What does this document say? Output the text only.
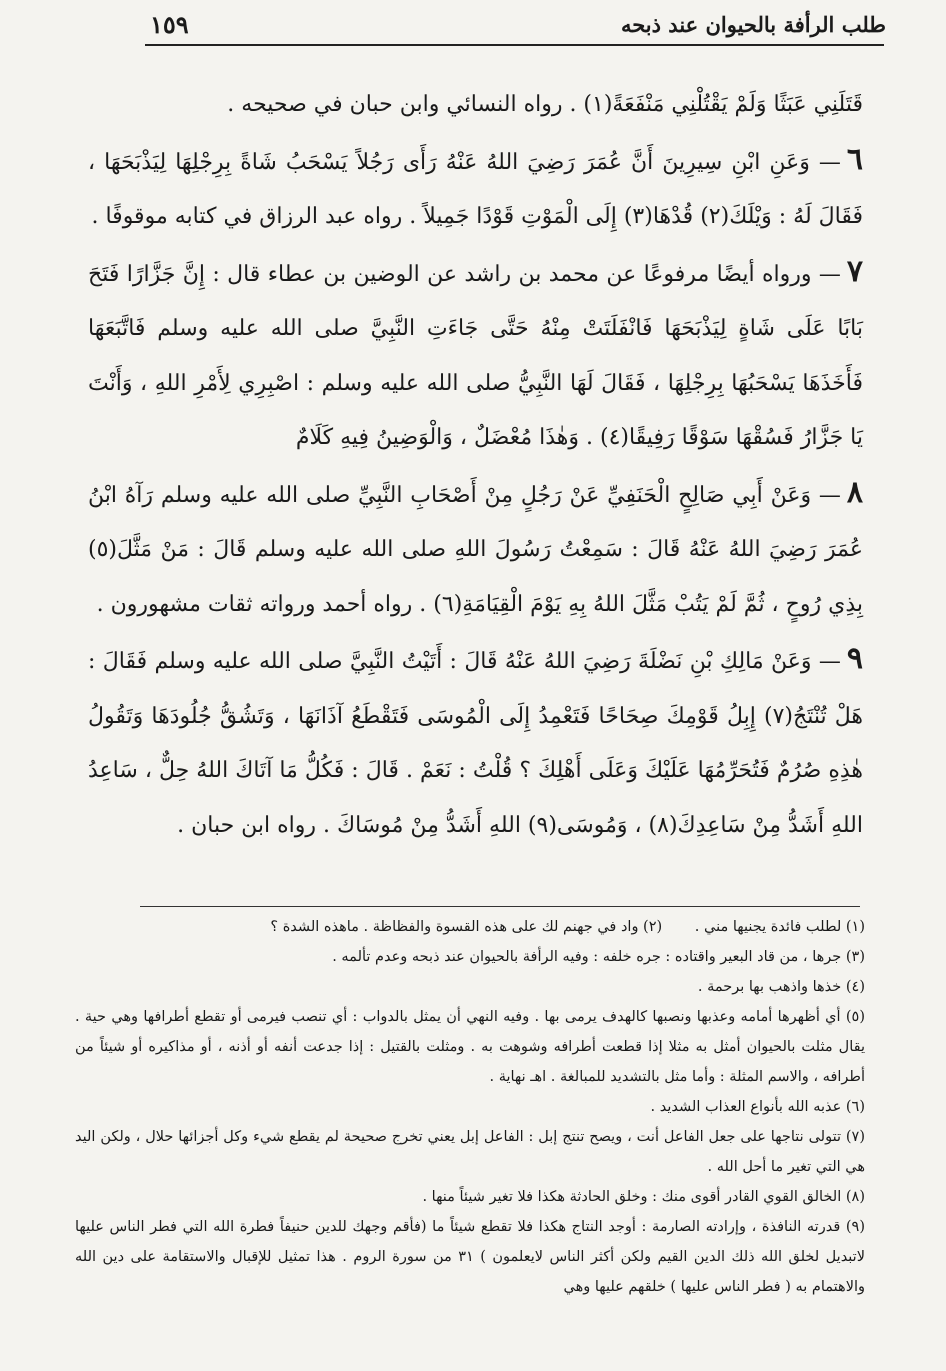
طلب الرأفة بالحيوان عند ذبحه
١٥٩

قَتَلَنِي عَبَثًا وَلَمْ يَقْتُلْنِي مَنْفَعَةً(١) . رواه النسائي وابن حبان في صحيحه .

٦— وَعَنِ ابْنِ سِيرِينَ أَنَّ عُمَرَ رَضِيَ اللهُ عَنْهُ رَأَى رَجُلاً يَسْحَبُ شَاةً بِرِجْلِهَا لِيَذْبَحَهَا ، فَقَالَ لَهُ : وَيْلَكَ(٢) قُدْهَا(٣) إِلَى الْمَوْتِ قَوْدًا جَمِيلاً . رواه عبد الرزاق في كتابه موقوفًا .

٧— ورواه أيضًا مرفوعًا عن محمد بن راشد عن الوضين بن عطاء قال : إِنَّ جَزَّارًا فَتَحَ بَابًا عَلَى شَاةٍ لِيَذْبَحَهَا فَانْفَلَتَتْ مِنْهُ حَتَّى جَاءَتِ النَّبِيَّ صلى الله عليه وسلم فَاتَّبَعَهَا فَأَخَذَهَا يَسْحَبُهَا بِرِجْلِهَا ، فَقَالَ لَهَا النَّبِيُّ صلى الله عليه وسلم : اصْبِرِي لِأَمْرِ اللهِ ، وَأَنْتَ يَا جَزَّارُ فَسُقْهَا سَوْقًا رَفِيقًا(٤) . وَهٰذَا مُعْضَلٌ ، وَالْوَضِينُ فِيهِ كَلَامٌ

٨— وَعَنْ أَبِي صَالِحٍ الْحَنَفِيِّ عَنْ رَجُلٍ مِنْ أَصْحَابِ النَّبِيِّ صلى الله عليه وسلم رَآهُ ابْنُ عُمَرَ رَضِيَ اللهُ عَنْهُ قَالَ : سَمِعْتُ رَسُولَ اللهِ صلى الله عليه وسلم قَالَ : مَنْ مَثَّلَ(٥) بِذِي رُوحٍ ، ثُمَّ لَمْ يَتُبْ مَثَّلَ اللهُ بِهِ يَوْمَ الْقِيَامَةِ(٦) . رواه أحمد ورواته ثقات مشهورون .

٩— وَعَنْ مَالِكِ بْنِ نَضْلَةَ رَضِيَ اللهُ عَنْهُ قَالَ : أَتَيْتُ النَّبِيَّ صلى الله عليه وسلم فَقَالَ : هَلْ تُنْتَجُ(٧) إِبِلُ قَوْمِكَ صِحَاحًا فَتَعْمِدُ إِلَى الْمُوسَى فَتَقْطَعُ آذَانَهَا ، وَتَشُقُّ جُلُودَهَا وَتَقُولُ هٰذِهِ صُرُمٌ فَتُحَرِّمُهَا عَلَيْكَ وَعَلَى أَهْلِكَ ؟ قُلْتُ : نَعَمْ . قَالَ : فَكُلُّ مَا آتَاكَ اللهُ حِلٌّ ، سَاعِدُ اللهِ أَشَدُّ مِنْ سَاعِدِكَ(٨) ، وَمُوسَى(٩) اللهِ أَشَدُّ مِنْ مُوسَاكَ . رواه ابن حبان .

(١) لطلب فائدة يجنيها مني . (٢) واد في جهنم لك على هذه القسوة والفظاظة . ماهذه الشدة ؟

(٣) جرها ، من قاد البعير واقتاده : جره خلفه : وفيه الرأفة بالحيوان عند ذبحه وعدم تألمه .

(٤) خذها واذهب بها برحمة .

(٥) أي أظهرها أمامه وعذبها ونصبها كالهدف يرمى بها . وفيه النهي أن يمثل بالدواب : أي تنصب فيرمى أو تقطع أطرافها وهي حية . يقال مثلت بالحيوان أمثل به مثلا إذا قطعت أطرافه وشوهت به . ومثلت بالقتيل : إذا جدعت أنفه أو أذنه ، أو مذاكيره أو شيئاً من أطرافه ، والاسم المثلة : وأما مثل بالتشديد للمبالغة . اهـ نهاية .

(٦) عذبه الله بأنواع العذاب الشديد .

(٧) تتولى نتاجها على جعل الفاعل أنت ، ويصح تنتج إبل : الفاعل إبل يعني تخرج صحيحة لم يقطع شيء وكل أجزائها حلال ، ولكن اليد هي التي تغير ما أحل الله .

(٨) الخالق القوي القادر أقوى منك : وخلق الحادثة هكذا فلا تغير شيئاً منها .

(٩) قدرته النافذة ، وإرادته الصارمة : أوجد النتاج هكذا فلا تقطع شيئاً ما (فأقم وجهك للدين حنيفاً فطرة الله التي فطر الناس عليها لاتبديل لخلق الله ذلك الدين القيم ولكن أكثر الناس لايعلمون ) ٣١ من سورة الروم . هذا تمثيل للإقبال والاستقامة على دين الله والاهتمام به ( فطر الناس عليها ) خلقهم عليها وهي
